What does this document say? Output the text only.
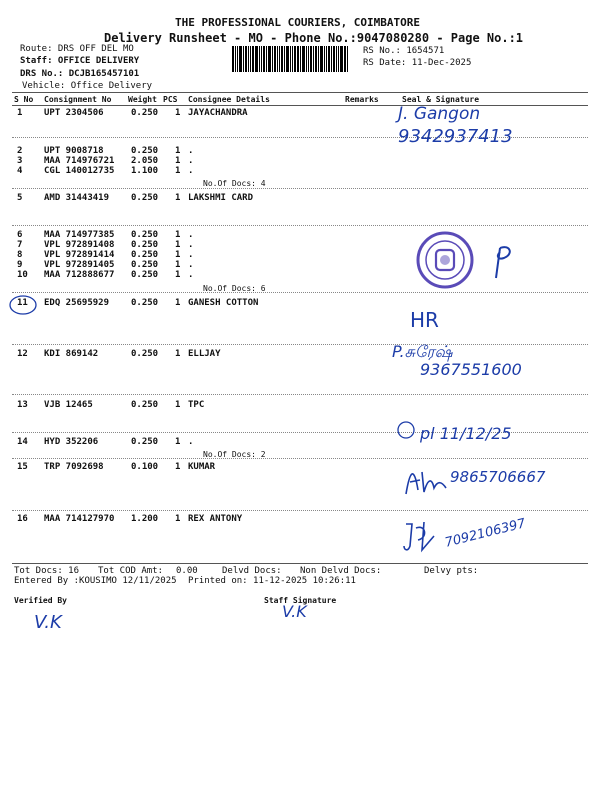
THE PROFESSIONAL COURIERS, COIMBATORE
Delivery Runsheet - MO - Phone No.:9047080280 - Page No.:1
Route: DRS OFF DEL MO
Staff: OFFICE DELIVERY
DRS No.: DCJB165457101
Vehicle: Office Delivery
RS No.: 1654571
RS Date: 11-Dec-2025
S No Consignment No Weight PCS Consignee Details	Remarks	Seal & Signature
1 UPT 2304506	0.250 1 JAYACHANDRA
2 UPT 9008718	0.250 1 .
3 MAA 714976721 2.050 1 .
4 CGL 140012735 1.100 1 .
5 AMD 31443419 0.250 1 LAKSHMI CARD
6 MAA 714977385 0.250 1 .
7 VPL 972891408 0.250 1 .
8 VPL 972891414 0.250 1 .
9 VPL 972891405 0.250 1 .
10 MAA 712888677 0.250 1 .
11 EDQ 25695929 0.250 1 GANESH COTTON
12 KDI 869142	0.250 1 ELLJAY
13 VJB 12465	0.250 1 TPC
14 HYD 352206	0.250 1 .
15 TRP 7092698	0.100 1 KUMAR
16 MAA 714127970 1.200 1 REX ANTONY
No.Of Docs: 4
No.Of Docs: 6
No.Of Docs: 2
J. Gangon
9342937413
HR
P.சுரேஷ்
9367551600
pl 11/12/25
9865706667
7092106397
Tot Docs: 16 Tot COD Amt: 0.00	Delvd Docs: Non Delvd Docs:	Delvy pts:
Entered By :KOUSIMO 12/11/2025 Printed on: 11-12-2025 10:26:11
Verified By	Staff Signature
V.K
V.K
